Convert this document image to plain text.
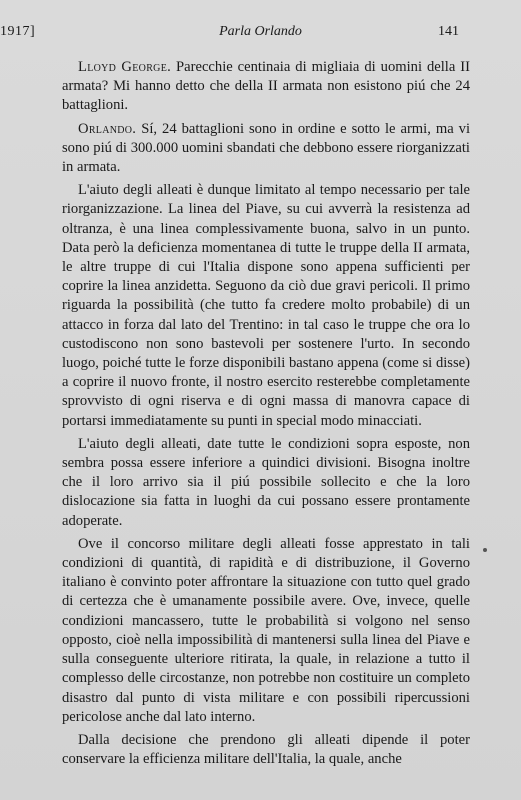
1917]	Parla Orlando	141

Lloyd George. Parecchie centinaia di migliaia di uomini della II armata? Mi hanno detto che della II armata non esistono piú che 24 battaglioni.

Orlando. Sí, 24 battaglioni sono in ordine e sotto le armi, ma vi sono piú di 300.000 uomini sbandati che debbono essere riorganizzati in armata.

L'aiuto degli alleati è dunque limitato al tempo necessario per tale riorganizzazione. La linea del Piave, su cui avverrà la resistenza ad oltranza, è una linea complessivamente buona, salvo in un punto. Data però la deficienza momentanea di tutte le truppe della II armata, le altre truppe di cui l'Italia dispone sono appena sufficienti per coprire la linea anzidetta. Seguono da ciò due gravi pericoli. Il primo riguarda la possibilità (che tutto fa credere molto probabile) di un attacco in forza dal lato del Trentino: in tal caso le truppe che ora lo custodiscono non sono bastevoli per sostenere l'urto. In secondo luogo, poiché tutte le forze disponibili bastano appena (come si disse) a coprire il nuovo fronte, il nostro esercito resterebbe completamente sprovvisto di ogni riserva e di ogni massa di manovra capace di portarsi immediatamente su punti in special modo minacciati.

L'aiuto degli alleati, date tutte le condizioni sopra esposte, non sembra possa essere inferiore a quindici divisioni. Bisogna inoltre che il loro arrivo sia il piú possibile sollecito e che la loro dislocazione sia fatta in luoghi da cui possano essere prontamente adoperate.

Ove il concorso militare degli alleati fosse apprestato in tali condizioni di quantità, di rapidità e di distribuzione, il Governo italiano è convinto poter affrontare la situazione con tutto quel grado di certezza che è umanamente possibile avere. Ove, invece, quelle condizioni mancassero, tutte le probabilità si volgono nel senso opposto, cioè nella impossibilità di mantenersi sulla linea del Piave e sulla conseguente ulteriore ritirata, la quale, in relazione a tutto il complesso delle circostanze, non potrebbe non costituire un completo disastro dal punto di vista militare e con possibili ripercussioni pericolose anche dal lato interno.

Dalla decisione che prendono gli alleati dipende il poter conservare la efficienza militare dell'Italia, la quale, anche
